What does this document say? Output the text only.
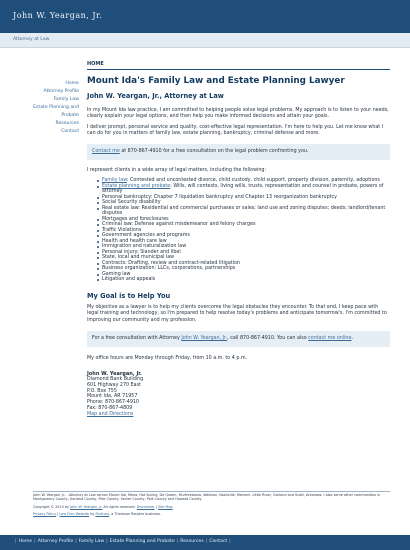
John W. Yeargan, Jr.
Attorney at Law
HOME
Home
Attorney Profile
Family Law
Estate Planning and
Probate
Resources
Contact
Mount Ida's Family Law and Estate Planning Lawyer
John W. Yeargan, Jr., Attorney at Law

In my Mount Ida law practice, I am committed to helping people solve legal problems. My approach is to listen to your needs, clearly explain your legal options, and then help you make informed decisions and attain your goals.

I deliver prompt, personal service and quality, cost-effective legal representation. I'm here to help you. Let me know what I can do for you in matters of family law, estate planning, bankruptcy, criminal defense and more.

Contact me at 870-867-4910 for a free consultation on the legal problem confronting you.

I represent clients in a wide array of legal matters, including the following:

Family law: Contested and uncontested divorce, child custody, child support, property division, paternity, adoptions
Estate planning and probate: Wills, will contests, living wills, trusts, representation and counsel in probate, powers of attorney
Personal bankruptcy: Chapter 7 liquidation bankruptcy and Chapter 13 reorganization bankruptcy
Social Security disability
Real estate law: Residential and commercial purchases or sales; land use and zoning disputes; deeds; landlord/tenant disputes
Mortgages and foreclosures
Criminal law: Defense against misdemeanor and felony charges
Traffic Violations
Government agencies and programs
Health and health care law
Immigration and naturalization law
Personal injury: Slander and libel
State, local and municipal law
Contracts: Drafting, review and contract-related litigation
Business organization: LLCs, corporations, partnerships
Gaming law
Litigation and appeals
My Goal is to Help You

My objective as a lawyer is to help my clients overcome the legal obstacles they encounter. To that end, I keep pace with legal training and technology, so I'm prepared to help resolve today's problems and anticipate tomorrow's. I'm committed to improving our community and my profession.

For a free consultation with Attorney John W. Yeargan, Jr., call 870-867-4910. You can also contact me online.

My office hours are Monday through Friday, from 10 a.m. to 4 p.m.

John W. Yeargan, Jr.
Diamond Bank Building
601 Highway 270 East
P.O. Box 755
Mount Ida, AR 71957
Phone: 870-867-4910
Fax: 870-867-4809
Map and Directions
John W. Yeargan, Jr. - Attorney at Law serves Mount Ida, Mena, Hot Spring, De Queen, Murfreesboro, Waldron, Nashville, Malvern, Little River, Garland and Scott, Arkansas. I also serve other communities in Montgomery County, Garland County, Pike County, Sevier County, Polk County and Howard County.
Copyright © 2013 by John W. Yeargan, Jr. All rights reserved. Disclaimer | Site Map
Privacy Policy | Law Firm Website by FindLaw, a Thomson Reuters business.
| Home | Attorney Profile | Family Law | Estate Planning and Probate | Resources | Contact |
